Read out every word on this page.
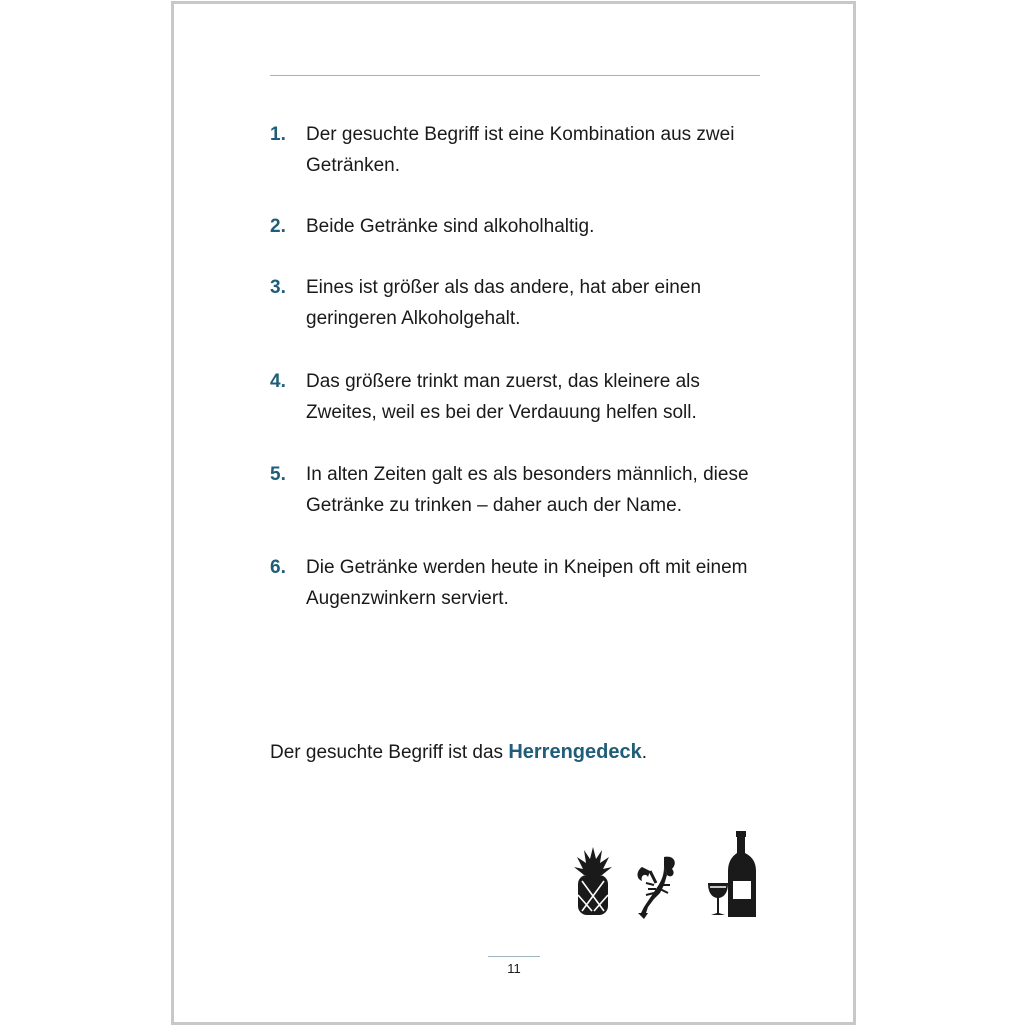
1.	Der gesuchte Begriff ist eine Kombination aus zwei Getränken.
2.	Beide Getränke sind alkoholhaltig.
3.	Eines ist größer als das andere, hat aber einen geringeren Alkoholgehalt.
4.	Das größere trinkt man zuerst, das kleinere als Zweites, weil es bei der Verdauung helfen soll.
5.	In alten Zeiten galt es als besonders männlich, diese Getränke zu trinken – daher auch der Name.
6.	Die Getränke werden heute in Kneipen oft mit einem Augenzwinkern serviert.
Der gesuchte Begriff ist das Herrengedeck.
11
